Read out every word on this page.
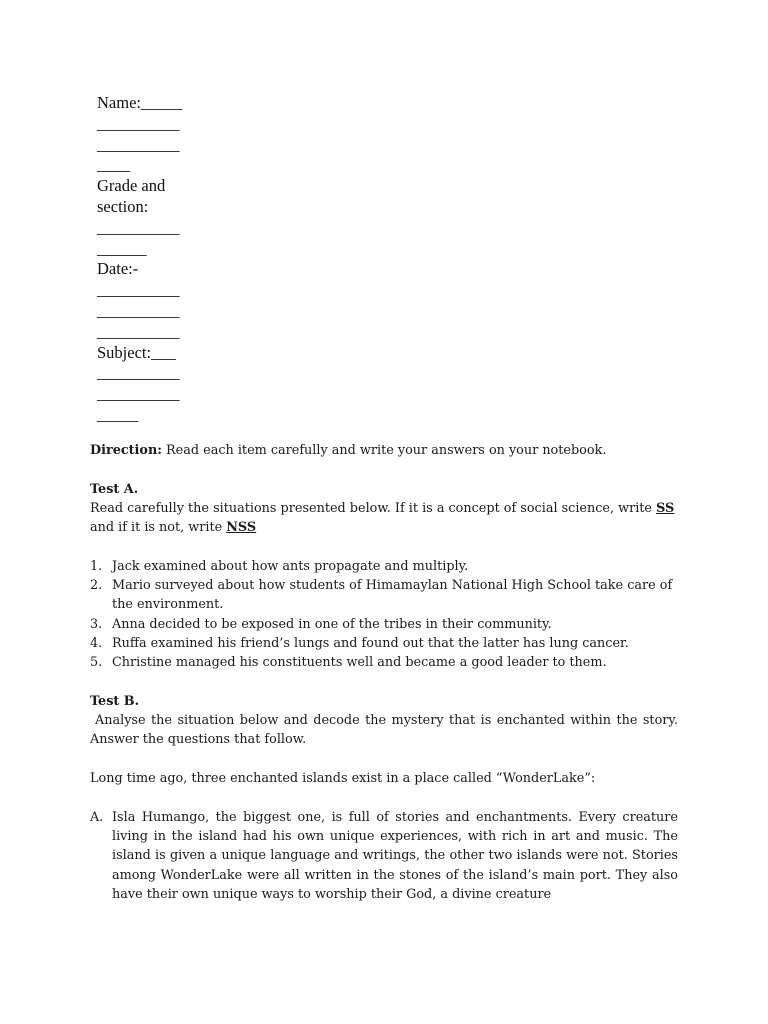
Name:_____
__________
__________
____
Grade and
section:
__________
______
Date:-
__________
__________
__________
Subject:___
__________
__________
_____

Direction: Read each item carefully and write your answers on your notebook.

Test A.

Read carefully the situations presented below. If it is a concept of social science, write SS and if it is not, write NSS

1. Jack examined about how ants propagate and multiply.
2. Mario surveyed about how students of Himamaylan National High School take care of the environment.
3. Anna decided to be exposed in one of the tribes in their community.
4. Ruffa examined his friend’s lungs and found out that the latter has lung cancer.
5. Christine managed his constituents well and became a good leader to them.

Test B.

Analyse the situation below and decode the mystery that is enchanted within the story. Answer the questions that follow.

Long time ago, three enchanted islands exist in a place called “WonderLake”:

A. Isla Humango, the biggest one, is full of stories and enchantments. Every creature living in the island had his own unique experiences, with rich in art and music. The island is given a unique language and writings, the other two islands were not. Stories among WonderLake were all written in the stones of the island’s main port. They also have their own unique ways to worship their God, a divine creature
